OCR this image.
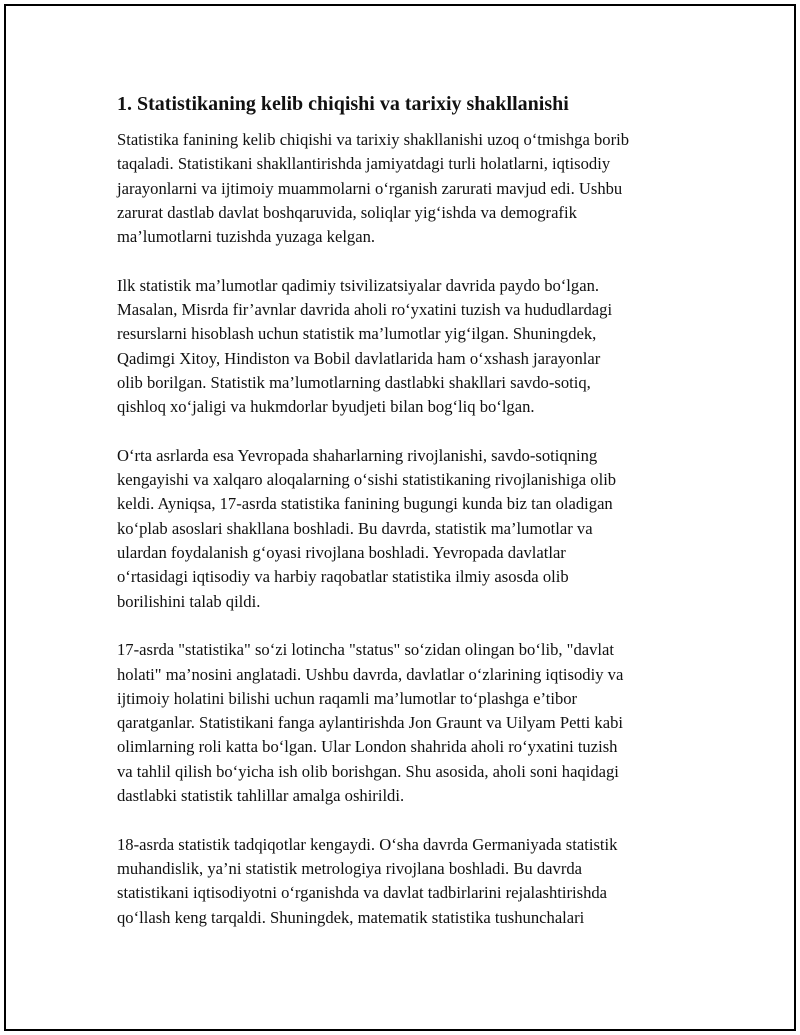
1. Statistikaning kelib chiqishi va tarixiy shakllanishi

Statistika fanining kelib chiqishi va tarixiy shakllanishi uzoq o‘tmishga borib
taqaladi. Statistikani shakllantirishda jamiyatdagi turli holatlarni, iqtisodiy
jarayonlarni va ijtimoiy muammolarni o‘rganish zarurati mavjud edi. Ushbu
zarurat dastlab davlat boshqaruvida, soliqlar yig‘ishda va demografik
ma’lumotlarni tuzishda yuzaga kelgan.

Ilk statistik ma’lumotlar qadimiy tsivilizatsiyalar davrida paydo bo‘lgan.
Masalan, Misrda fir’avnlar davrida aholi ro‘yxatini tuzish va hududlardagi
resurslarni hisoblash uchun statistik ma’lumotlar yig‘ilgan. Shuningdek,
Qadimgi Xitoy, Hindiston va Bobil davlatlarida ham o‘xshash jarayonlar
olib borilgan. Statistik ma’lumotlarning dastlabki shakllari savdo-sotiq,
qishloq xo‘jaligi va hukmdorlar byudjeti bilan bog‘liq bo‘lgan.

O‘rta asrlarda esa Yevropada shaharlarning rivojlanishi, savdo-sotiqning
kengayishi va xalqaro aloqalarning o‘sishi statistikaning rivojlanishiga olib
keldi. Ayniqsa, 17-asrda statistika fanining bugungi kunda biz tan oladigan
ko‘plab asoslari shakllana boshladi. Bu davrda, statistik ma’lumotlar va
ulardan foydalanish g‘oyasi rivojlana boshladi. Yevropada davlatlar
o‘rtasidagi iqtisodiy va harbiy raqobatlar statistika ilmiy asosda olib
borilishini talab qildi.

17-asrda "statistika" so‘zi lotincha "status" so‘zidan olingan bo‘lib, "davlat
holati" ma’nosini anglatadi. Ushbu davrda, davlatlar o‘zlarining iqtisodiy va
ijtimoiy holatini bilishi uchun raqamli ma’lumotlar to‘plashga e’tibor
qaratganlar. Statistikani fanga aylantirishda Jon Graunt va Uilyam Petti kabi
olimlarning roli katta bo‘lgan. Ular London shahrida aholi ro‘yxatini tuzish
va tahlil qilish bo‘yicha ish olib borishgan. Shu asosida, aholi soni haqidagi
dastlabki statistik tahlillar amalga oshirildi.

18-asrda statistik tadqiqotlar kengaydi. O‘sha davrda Germaniyada statistik
muhandislik, ya’ni statistik metrologiya rivojlana boshladi. Bu davrda
statistikani iqtisodiyotni o‘rganishda va davlat tadbirlarini rejalashtirishda
qo‘llash keng tarqaldi. Shuningdek, matematik statistika tushunchalari
